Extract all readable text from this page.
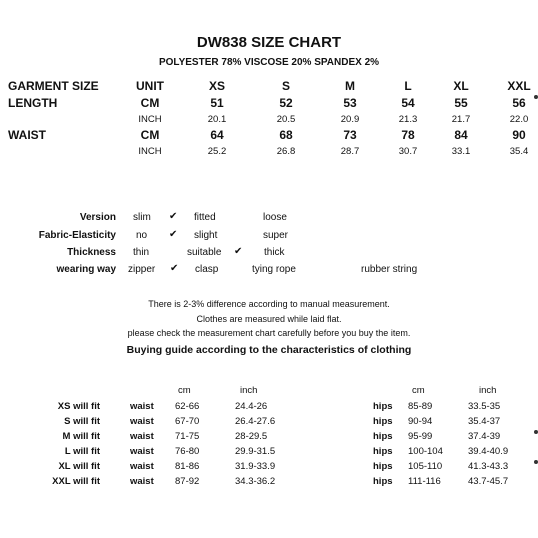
DW838 SIZE CHART
POLYESTER 78% VISCOSE 20% SPANDEX 2%
GARMENT SIZE	UNIT	XS	S	M	L	XL	XXL
LENGTH	CM	51	52	53	54	55	56
INCH	20.1	20.5	20.9	21.3	21.7	22.0
WAIST	CM	64	68	73	78	84	90
INCH	25.2	26.8	28.7	30.7	33.1	35.4
Version slim ✔ fitted	loose
Fabric-Elasticity no ✔ slight	super
Thickness thin	suitable ✔ thick
wearing way zipper ✔ clasp	tying rope	rubber string
There is 2-3% difference according to manual measurement.
Clothes are measured while laid flat.
please check the measurement chart carefully before you buy the item.
Buying guide according to the characteristics of clothing
cm	inch	cm	inch
XS will fit	waist 62-66	24.4-26	hips 85-89	33.5-35
S will fit	waist 67-70	26.4-27.6	hips 90-94	35.4-37
M will fit	waist 71-75	28-29.5	hips 95-99	37.4-39
L will fit	waist 76-80	29.9-31.5	hips 100-104	39.4-40.9
XL will fit	waist 81-86	31.9-33.9	hips 105-110	41.3-43.3
XXL will fit	waist 87-92	34.3-36.2	hips 111-116	43.7-45.7
